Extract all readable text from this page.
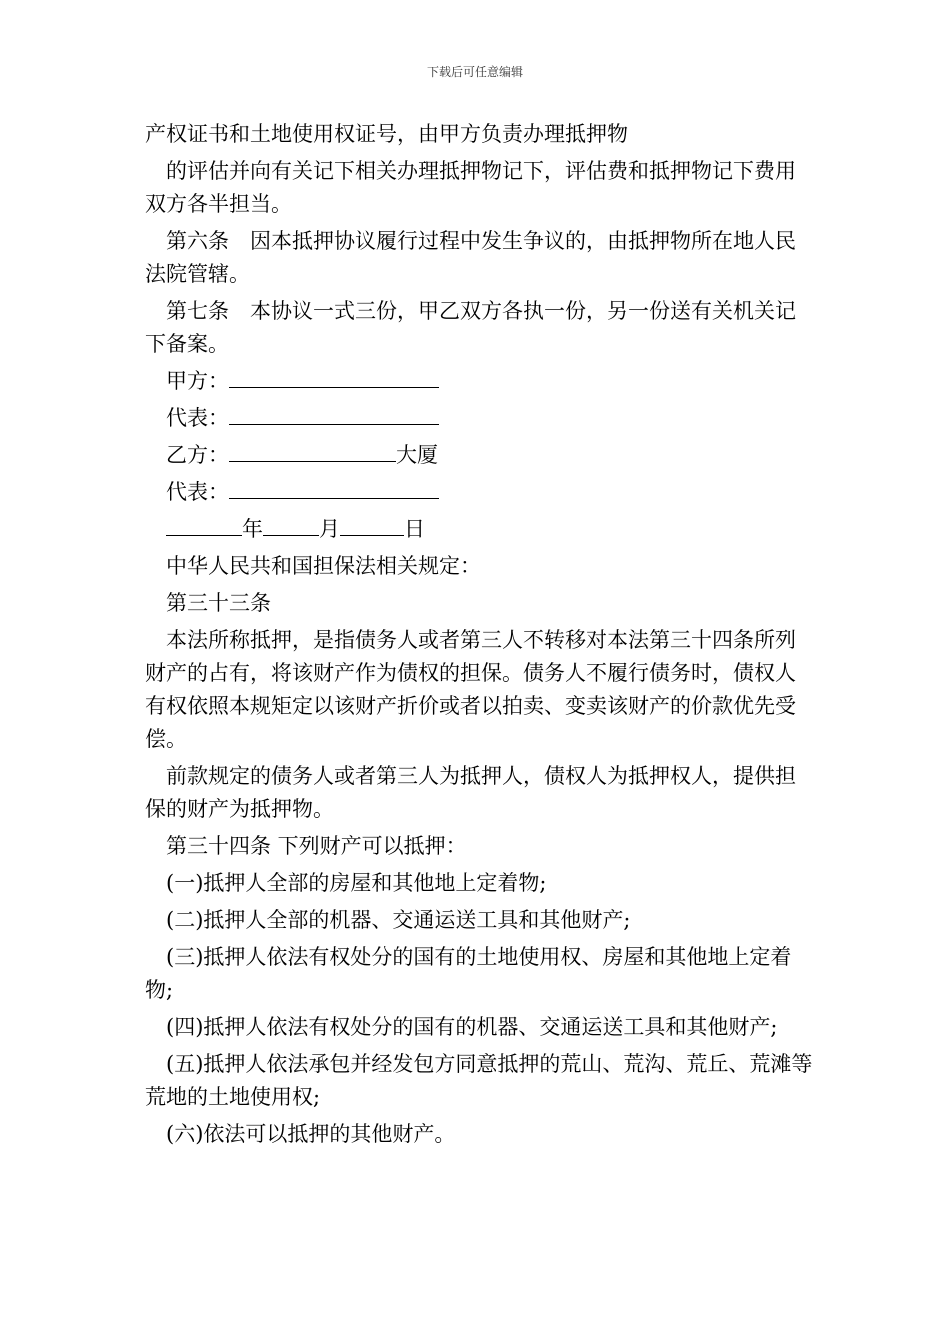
下载后可任意编辑

产权证书和土地使用权证号，由甲方负责办理抵押物

的评估并向有关记下相关办理抵押物记下，评估费和抵押物记下费用双方各半担当。

第六条　因本抵押协议履行过程中发生争议的，由抵押物所在地人民法院管辖。

第七条　本协议一式三份，甲乙双方各执一份，另一份送有关机关记下备案。

甲方：
代表：
乙方：	大厦
代表：
年	月	日

中华人民共和国担保法相关规定：

第三十三条

本法所称抵押，是指债务人或者第三人不转移对本法第三十四条所列财产的占有，将该财产作为债权的担保。债务人不履行债务时，债权人有权依照本规矩定以该财产折价或者以拍卖、变卖该财产的价款优先受偿。

前款规定的债务人或者第三人为抵押人，债权人为抵押权人，提供担保的财产为抵押物。

第三十四条 下列财产可以抵押：

(一)抵押人全部的房屋和其他地上定着物;

(二)抵押人全部的机器、交通运送工具和其他财产;

(三)抵押人依法有权处分的国有的土地使用权、房屋和其他地上定着物;

(四)抵押人依法有权处分的国有的机器、交通运送工具和其他财产;

(五)抵押人依法承包并经发包方同意抵押的荒山、荒沟、荒丘、荒滩等荒地的土地使用权;

(六)依法可以抵押的其他财产。
